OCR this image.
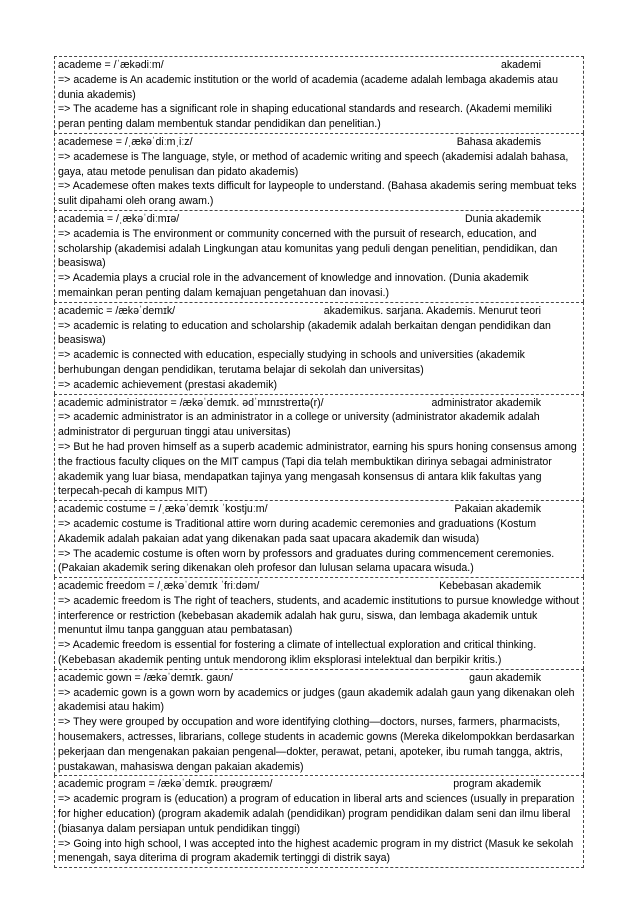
academe = /ˈækədiːm/	akademi
=> academe is An academic institution or the world of academia (academe adalah lembaga akademis atau dunia akademis)
=> The academe has a significant role in shaping educational standards and research. (Akademi memiliki peran penting dalam membentuk standar pendidikan dan penelitian.)
academese = /ˌækəˈdiːmˌiːz/	Bahasa akademis
=> academese is The language, style, or method of academic writing and speech (akademisi adalah bahasa, gaya, atau metode penulisan dan pidato akademis)
=> Academese often makes texts difficult for laypeople to understand. (Bahasa akademis sering membuat teks sulit dipahami oleh orang awam.)
academia = /ˌækəˈdiːmɪə/	Dunia akademik
=> academia is The environment or community concerned with the pursuit of research, education, and scholarship (akademisi adalah Lingkungan atau komunitas yang peduli dengan penelitian, pendidikan, dan beasiswa)
=> Academia plays a crucial role in the advancement of knowledge and innovation. (Dunia akademik memainkan peran penting dalam kemajuan pengetahuan dan inovasi.)
academic = /ækəˈdemɪk/	akademikus. sarjana. Akademis. Menurut teori
=> academic is relating to education and scholarship (akademik adalah berkaitan dengan pendidikan dan beasiswa)
=> academic is connected with education, especially studying in schools and universities (akademik berhubungan dengan pendidikan, terutama belajar di sekolah dan universitas)
=> academic achievement (prestasi akademik)
academic administrator = /ækəˈdemɪk. ədˈmɪnɪstreɪtə(r)/	administrator akademik
=> academic administrator is an administrator in a college or university (administrator akademik adalah administrator di perguruan tinggi atau universitas)
=> But he had proven himself as a superb academic administrator, earning his spurs honing consensus among the fractious faculty cliques on the MIT campus (Tapi dia telah membuktikan dirinya sebagai administrator akademik yang luar biasa, mendapatkan tajinya yang mengasah konsensus di antara klik fakultas yang terpecah-pecah di kampus MIT)
academic costume = /ˌækəˈdemɪk ˈkostjuːm/	Pakaian akademik
=> academic costume is Traditional attire worn during academic ceremonies and graduations (Kostum Akademik adalah pakaian adat yang dikenakan pada saat upacara akademik dan wisuda)
=> The academic costume is often worn by professors and graduates during commencement ceremonies. (Pakaian akademik sering dikenakan oleh profesor dan lulusan selama upacara wisuda.)
academic freedom = /ˌækəˈdemɪk ˈfriːdəm/	Kebebasan akademik
=> academic freedom is The right of teachers, students, and academic institutions to pursue knowledge without interference or restriction (kebebasan akademik adalah hak guru, siswa, dan lembaga akademik untuk menuntut ilmu tanpa gangguan atau pembatasan)
=> Academic freedom is essential for fostering a climate of intellectual exploration and critical thinking. (Kebebasan akademik penting untuk mendorong iklim eksplorasi intelektual dan berpikir kritis.)
academic gown = /ækəˈdemɪk. ɡaʊn/	gaun akademik
=> academic gown is a gown worn by academics or judges (gaun akademik adalah gaun yang dikenakan oleh akademisi atau hakim)
=> They were grouped by occupation and wore identifying clothing—doctors, nurses, farmers, pharmacists, housemakers, actresses, librarians, college students in academic gowns (Mereka dikelompokkan berdasarkan pekerjaan dan mengenakan pakaian pengenal—dokter, perawat, petani, apoteker, ibu rumah tangga, aktris, pustakawan, mahasiswa dengan pakaian akademis)
academic program = /ækəˈdemɪk. prəʊɡræm/	program akademik
=> academic program is (education) a program of education in liberal arts and sciences (usually in preparation for higher education) (program akademik adalah (pendidikan) program pendidikan dalam seni dan ilmu liberal (biasanya dalam persiapan untuk pendidikan tinggi)
=> Going into high school, I was accepted into the highest academic program in my district (Masuk ke sekolah menengah, saya diterima di program akademik tertinggi di distrik saya)
